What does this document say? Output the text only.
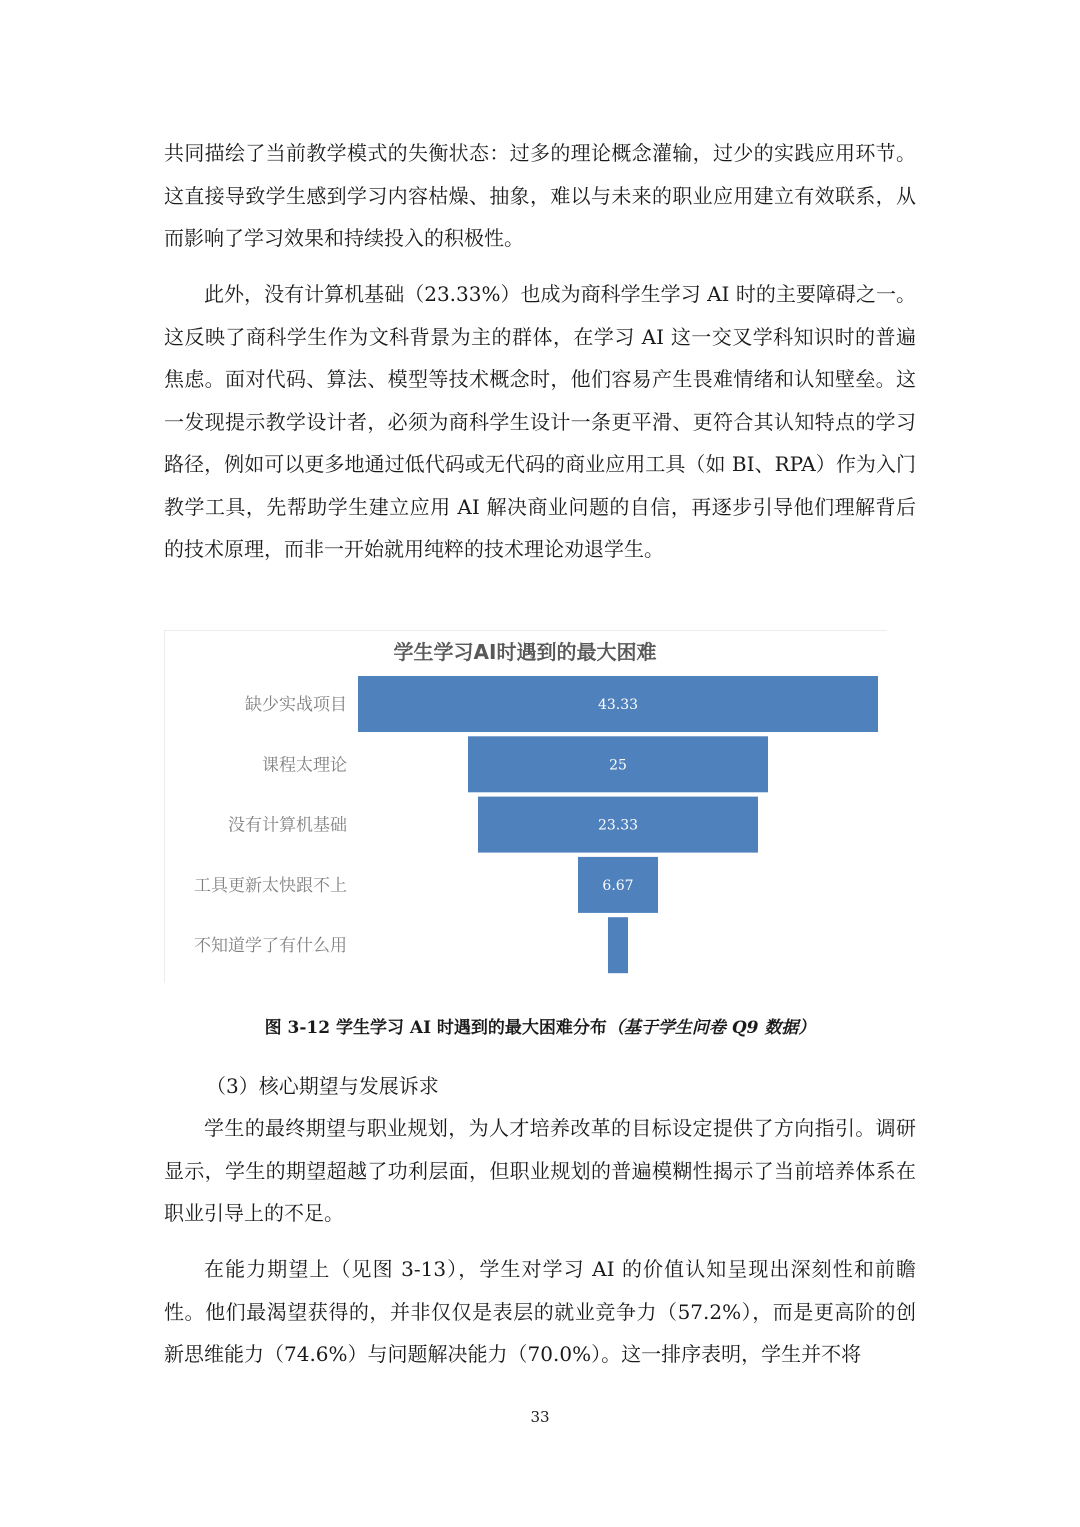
共同描绘了当前教学模式的失衡状态：过多的理论概念灌输，过少的实践应用环节。这直接导致学生感到学习内容枯燥、抽象，难以与未来的职业应用建立有效联系，从而影响了学习效果和持续投入的积极性。

此外，没有计算机基础（23.33%）也成为商科学生学习 AI 时的主要障碍之一。这反映了商科学生作为文科背景为主的群体，在学习 AI 这一交叉学科知识时的普遍焦虑。面对代码、算法、模型等技术概念时，他们容易产生畏难情绪和认知壁垒。这一发现提示教学设计者，必须为商科学生设计一条更平滑、更符合其认知特点的学习路径，例如可以更多地通过低代码或无代码的商业应用工具（如 BI、RPA）作为入门教学工具，先帮助学生建立应用 AI 解决商业问题的自信，再逐步引导他们理解背后的技术原理，而非一开始就用纯粹的技术理论劝退学生。

学生学习AI时遇到的最大困难
缺少实战项目	43.33
课程太理论	25
没有计算机基础	23.33
工具更新太快跟不上	6.67
不知道学了有什么用
图 3-12 学生学习 AI 时遇到的最大困难分布（基于学生问卷 Q9 数据）
（3）核心期望与发展诉求

学生的最终期望与职业规划，为人才培养改革的目标设定提供了方向指引。调研显示，学生的期望超越了功利层面，但职业规划的普遍模糊性揭示了当前培养体系在职业引导上的不足。

在能力期望上（见图 3-13），学生对学习 AI 的价值认知呈现出深刻性和前瞻性。他们最渴望获得的，并非仅仅是表层的就业竞争力（57.2%），而是更高阶的创新思维能力（74.6%）与问题解决能力（70.0%）。这一排序表明，学生并不将

33
